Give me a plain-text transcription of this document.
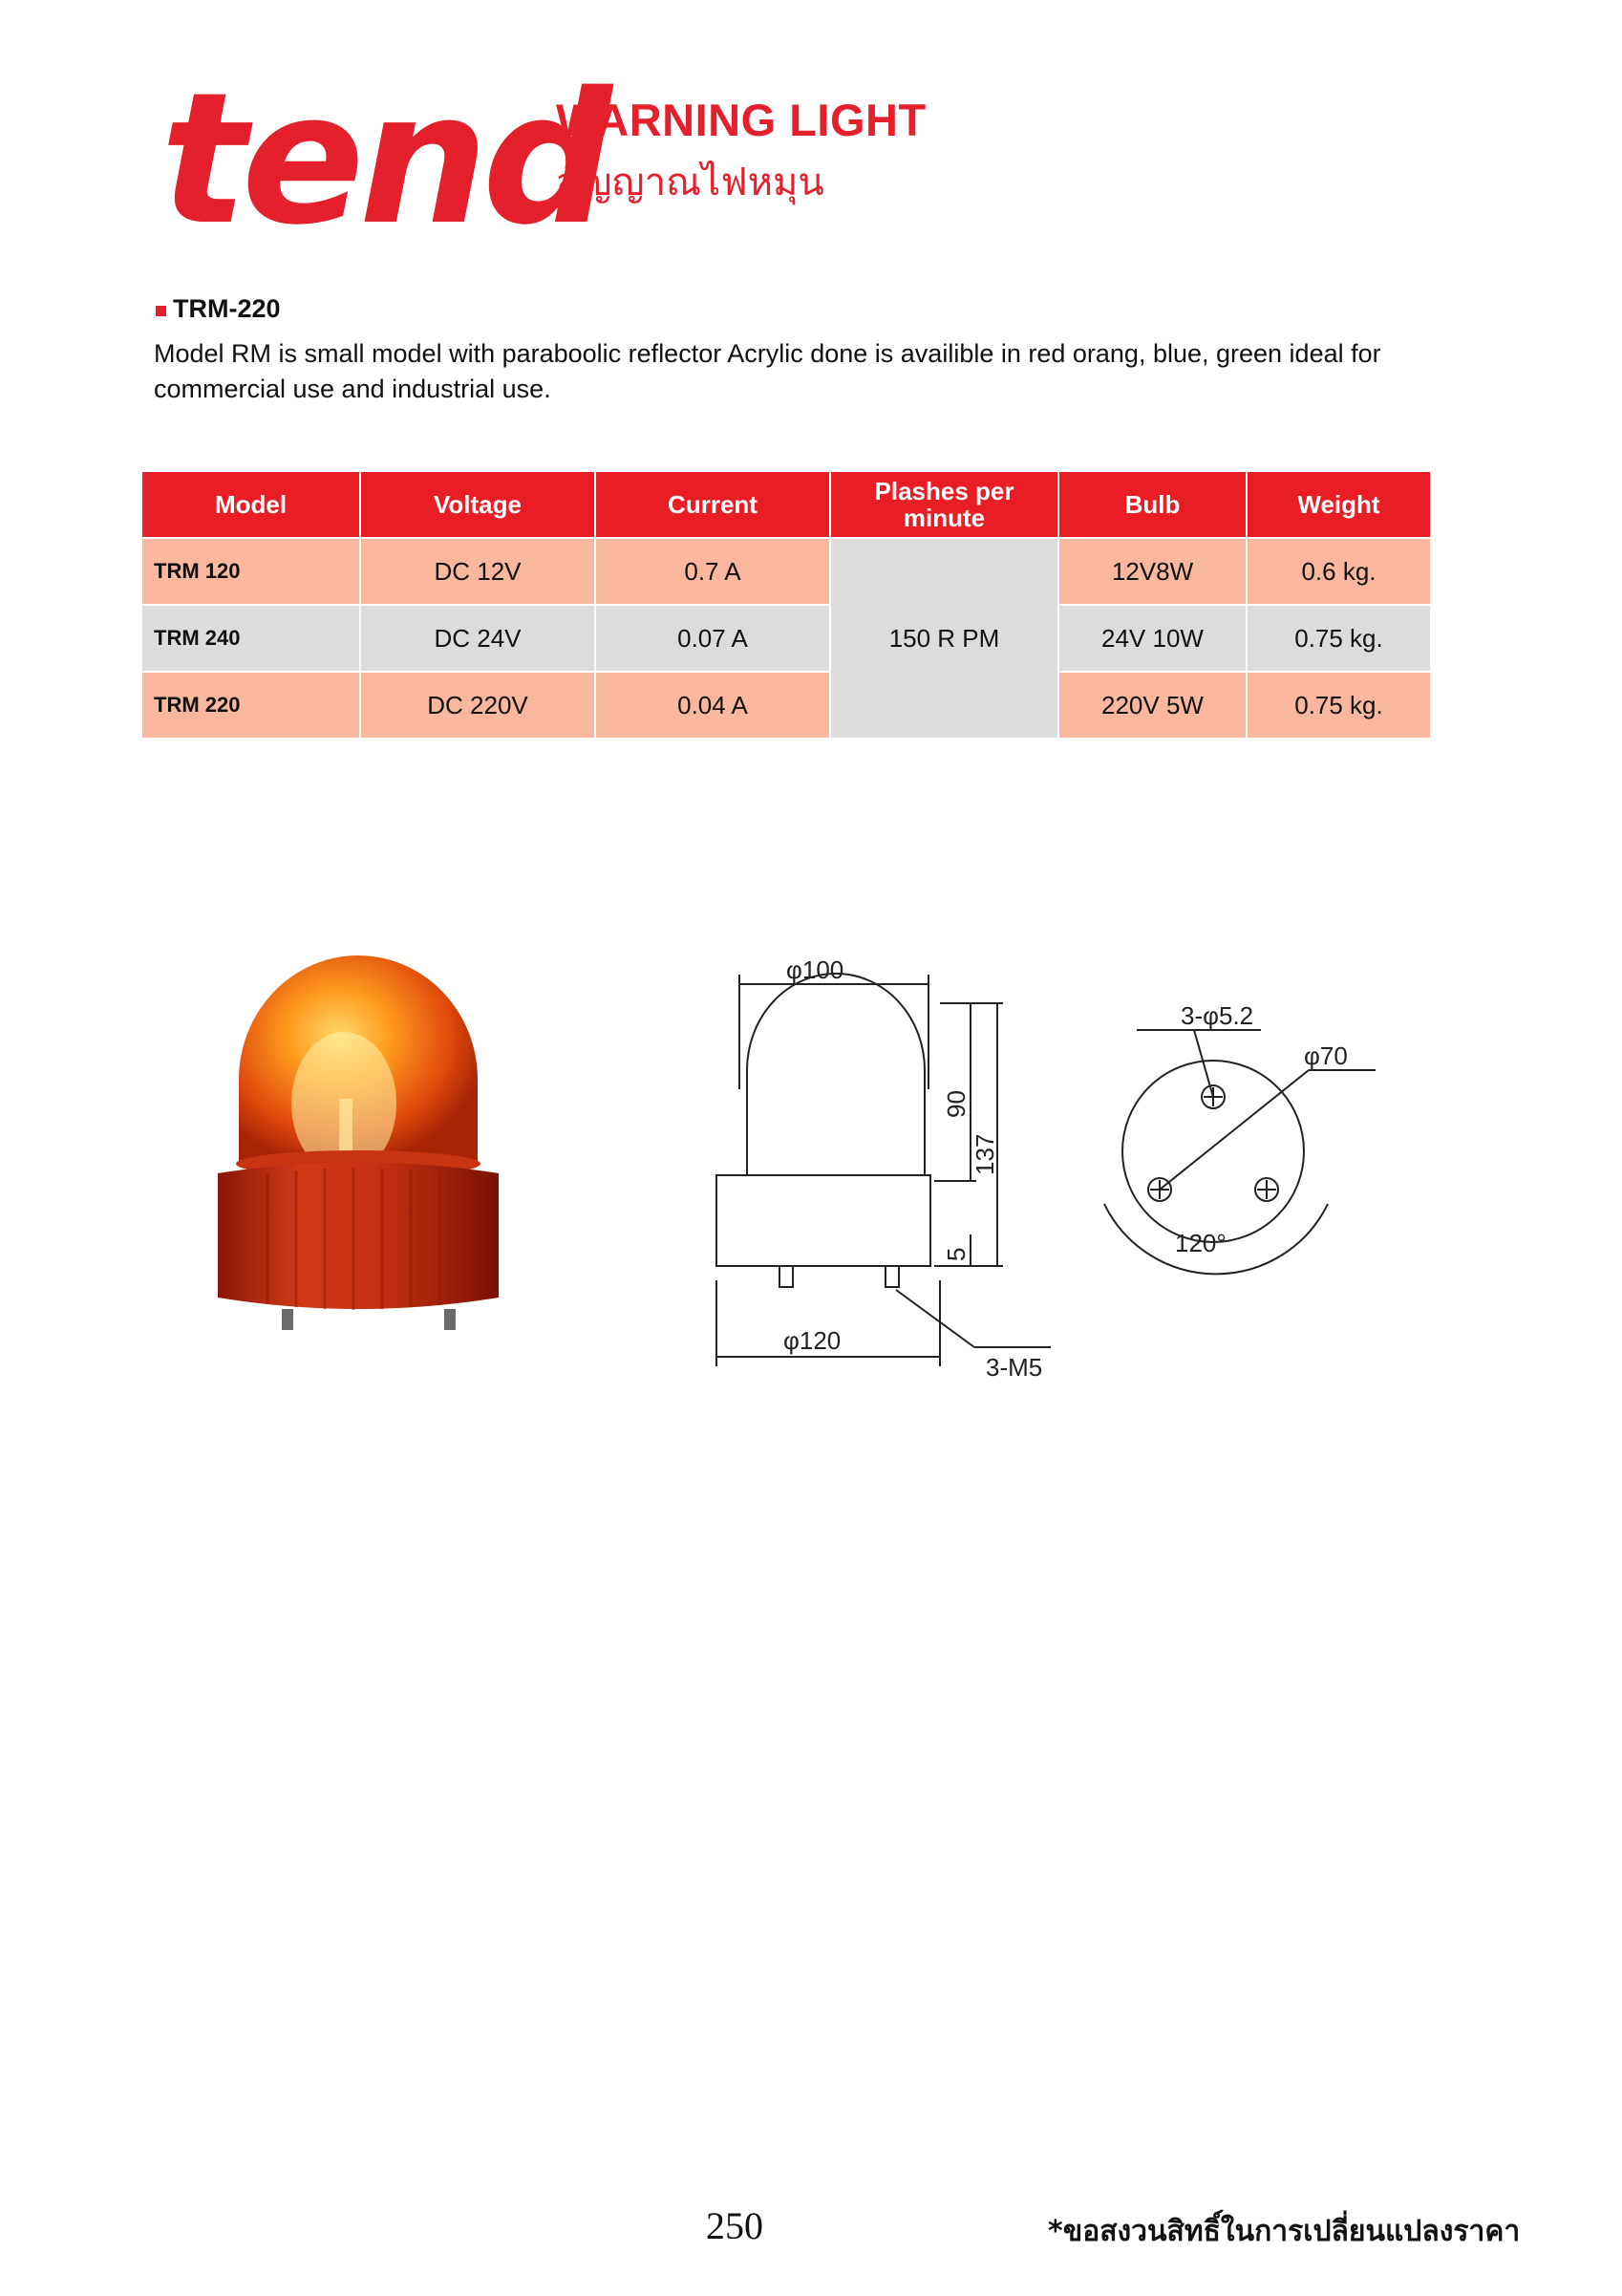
tend
WARNING LIGHT
สัญญาณไฟหมุน
TRM-220
Model RM is small model with paraboolic reflector Acrylic done is availible in red orang, blue, green ideal for commercial use and industrial use.
Model	Voltage	Current	Plashes per minute	Bulb	Weight
TRM 120	DC 12V	0.7 A	150 R PM	12V8W	0.6 kg.
TRM 240	DC 24V	0.07 A		24V 10W	0.75 kg.
TRM 220	DC 220V	0.04 A		220V 5W	0.75 kg.
φ100
90
137
5
φ120
3-M5
120°
3-φ5.2
φ70
250	*ขอสงวนสิทธิ์ในการเปลี่ยนแปลงราคา
